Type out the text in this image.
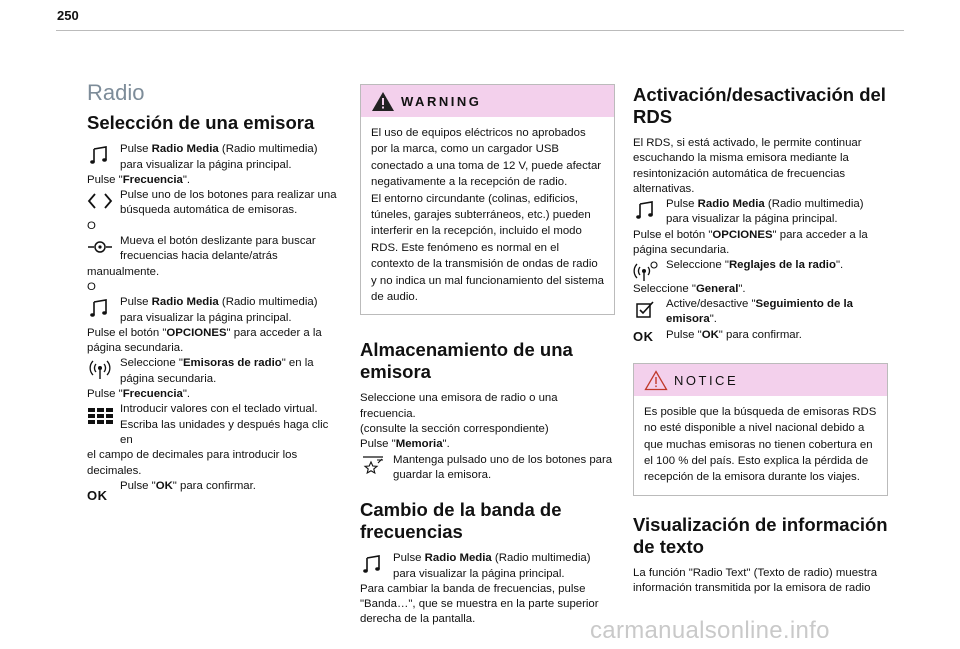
250
Radio
Selección de una emisora

Pulse Radio Media (Radio multimedia) para visualizar la página principal.

Pulse "Frecuencia".

Pulse uno de los botones para realizar una búsqueda automática de emisoras.

O

Mueva el botón deslizante para buscar frecuencias hacia delante/atrás

manualmente.

O

Pulse Radio Media (Radio multimedia) para visualizar la página principal.

Pulse el botón "OPCIONES" para acceder a la página secundaria.

Seleccione "Emisoras de radio" en la página secundaria.

Pulse "Frecuencia".

Introducir valores con el teclado virtual.

Escriba las unidades y después haga clic en

el campo de decimales para introducir los decimales.

OK

Pulse "OK" para confirmar.

WARNING

El uso de equipos eléctricos no aprobados por la marca, como un cargador USB conectado a una toma de 12 V, puede afectar negativamente a la recepción de radio.

El entorno circundante (colinas, edificios, túneles, garajes subterráneos, etc.) pueden interferir en la recepción, incluido el modo RDS. Este fenómeno es normal en el contexto de la transmisión de ondas de radio y no indica un mal funcionamiento del sistema de audio.

Almacenamiento de una emisora

Seleccione una emisora de radio o una frecuencia.

(consulte la sección correspondiente)

Pulse "Memoria".

Mantenga pulsado uno de los botones para guardar la emisora.

Cambio de la banda de frecuencias

Pulse Radio Media (Radio multimedia) para visualizar la página principal.

Para cambiar la banda de frecuencias, pulse "Banda…", que se muestra en la parte superior derecha de la pantalla.

Activación/desactivación del RDS

El RDS, si está activado, le permite continuar escuchando la misma emisora mediante la resintonización automática de frecuencias alternativas.

Pulse Radio Media (Radio multimedia) para visualizar la página principal.

Pulse el botón "OPCIONES" para acceder a la página secundaria.

Seleccione "Reglajes de la radio".

Seleccione "General".

Active/desactive "Seguimiento de la emisora".

OK	Pulse "OK" para confirmar.

NOTICE

Es posible que la búsqueda de emisoras RDS no esté disponible a nivel nacional debido a que muchas emisoras no tienen cobertura en el 100 % del país. Esto explica la pérdida de recepción de la emisora durante los viajes.

Visualización de información de texto

La función "Radio Text" (Texto de radio) muestra información transmitida por la emisora de radio

carmanualsonline.info
